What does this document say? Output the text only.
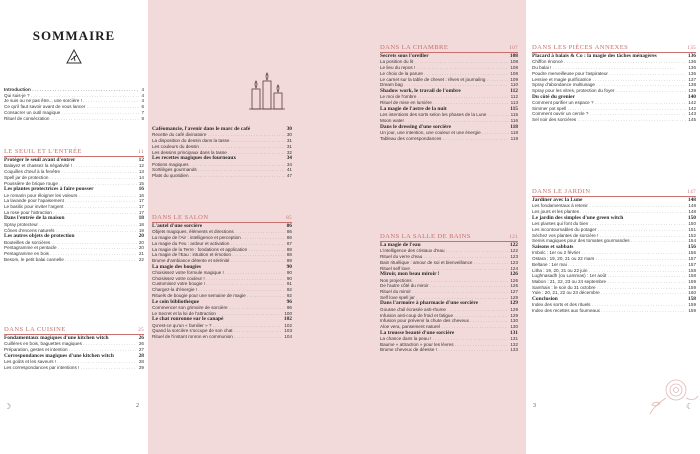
SOMMAIRE
Introduction . . .	4
Qui suis-je ? . . .	4
Je suis ou ne pas être... une sorcière ! . . .	4
Ce qu'il faut savoir avant de vous lancer . . .	6
Consacrer un outil magique . . .	7
Rituel de consécration . . .	8
LE SEUIL ET L'ENTRÉE	11
Protéger le seuil avant d'entrer	12
Balayez et chassez la négativité ! . . .	12
Coquilles d'œuf à la fenêtre . . .	13
Spell jar de protection . . .	14
Poussière de brique rouge . . .	15
Les plantes protectrices à faire pousser	16
Le romarin pour éloigner les voleurs . . .	16
La lavande pour l'apaisement . . .	17
Le basilic pour inviter l'argent . . .	17
La rose pour l'attraction . . .	17
Dans l'entrée de la maison	18
Spray protecteur . . .	18
Cônes d'encens naturels . . .	19
Les autres objets de protection	20
Bouteilles de sorcières . . .	20
Pentagramme et pentacle . . .	20
Pentagramme en bois . . .	21
Besom, le petit balai cannelle . . .	22
DANS LA CUISINE	25
Fondamentaux magiques d'une kitchen witch	26
Cuillères en bois, baguettes magiques . . .	26
Préparation, gestes et intention . . .	27
Correspondances magiques d'une kitchen witch	28
Les goûts et les saveurs ! . . .	28
Les correspondances par intentions ! . . .	29
☽	2
Caféomancie, l'avenir dans le marc de café	30
Recette du café divinatoire . . .	30
La disposition du dessin dans la tasse . . .	31
Les couleurs du dessin . . .	31
Les dessins principaux dans la tasse . . .	32
Les recettes magiques des fourneaux	34
Potions magiques . . .	34
Sortilèges gourmands . . .	41
Plats du quotidien . . .	47
DANS LE SALON	85
L'autel d'une sorcière	86
Objets magiques, éléments et directions . . .	86
La magie de l'Air : intelligence et perception . . .	86
La magie du Feu : ardeur et activation . . .	87
La magie de la Terre : fondations et application . . .	88
La magie de l'Eau : intuition et émotion . . .	88
Brume d'ambiance détente et sérénité . . .	89
La magie des bougies	90
Choisissez votre formule magique ! . . .	90
Choisissez votre couleur ! . . .	90
Customisez votre bougie ! . . .	91
Chargez-la d'énergie ! . . .	92
Rituels de bougie pour une semaine de magie . . .	92
Le coin bibliothèque	96
Commencer son grimoire de sorcière . . .	96
Le Secret et la loi de l'attraction . . .	100
Le chat ronronne sur le canapé	102
Qu'est-ce qu'un « familier » ? . . .	102
Quand la sorcière s'occupe de son chat . . .	103
Rituel de l'instant ronron en communion . . .	104
DANS LA CHAMBRE	107
Secrets sous l'oreiller	108
La position du lit . . .	108
Le lieu du repos ! . . .	108
Le choix de la parure . . .	108
Le carnet sur la table de chevet : rêves et journaling . . .	109
Dream bag . . .	110
Shadow work, le travail de l'ombre	112
Le moi de l'ombre . . .	112
Rituel de mise en lumière . . .	113
La magie de l'astre de la nuit	115
Les intentions des sorts selon les phases de la Lune . . .	115
Moon water . . .	116
Dans le dressing d'une sorcière	118
Un jour, une intention, une couleur et une énergie . . .	118
Tableau des correspondances . . .	119
DANS LA SALLE DE BAINS	121
La magie de l'eau	122
L'intelligence des cristaux d'eau . . .	122
Rituel du verre d'eau . . .	123
Bain rituélique : amour de soi et bienveillance . . .	123
Rituel self love . . .	124
Miroir, mon beau miroir !	126
Nos projections . . .	126
De l'autre côté du miroir . . .	126
Rituel du miroir . . .	127
Self love spell jar . . .	128
Dans l'armoire à pharmacie d'une sorcière	129
Gousse d'ail écrasée anti-rhume . . .	129
Infusion anti-coup de froid et fatigue . . .	129
Infusion pour prévenir la chute des cheveux . . .	130
Aloe vera, pansement naturel . . .	130
La trousse beauté d'une sorcière	131
La chance dans la peau ! . . .	131
Baume « attraction » pour les lèvres . . .	132
Brume cheveux de déesse ! . . .	133
DANS LES PIÈCES ANNEXES	135
Placard à balais & Co : la magie des tâches ménagères	136
Chiffon énoncé . . .	136
Du balai ! . . .	136
Poudre merveilleuse pour l'aspirateur . . .	136
Lessive et magie purificatrice . . .	137
Spray d'abondance multiusage . . .	138
Spray pour les vitres, protection du foyer . . .	139
Du côté du grenier	140
Comment purifier un espace ? . . .	142
Simmer pot spell . . .	142
Comment ouvrir un cercle ? . . .	143
Sel noir des sorcières . . .	145
DANS LE JARDIN	147
Jardiner avec la Lune	148
Les fondamentaux à retenir . . .	148
Les jours et les plantes . . .	148
Le jardin des simples d'une green witch	150
Les plantes qui font du bien . . .	150
Les incontournables du potager . . .	151
Séchez vos plantes de sorcière ! . . .	152
Semis magiques pour des tomates gourmandes . . .	154
Saisons et sabbats	156
Imbolc : 1er ou 2 février . . .	156
Ostara : 19, 20, 21 ou 22 mars . . .	157
Beltane : 1er mai . . .	157
Litha : 19, 20, 21 ou 22 juin . . .	158
Lughnasadh (ou Lammas) : 1er août . . .	158
Mabon : 21, 22, 23 ou 24 septembre . . .	159
Samhain : le soir du 31 octobre . . .	159
Yule : 20, 21, 22 ou 23 décembre . . .	160
Conclusion	158
Index des sorts et des rituels . . .	159
Index des recettes aux fourneaux . . .	159
3	☾
